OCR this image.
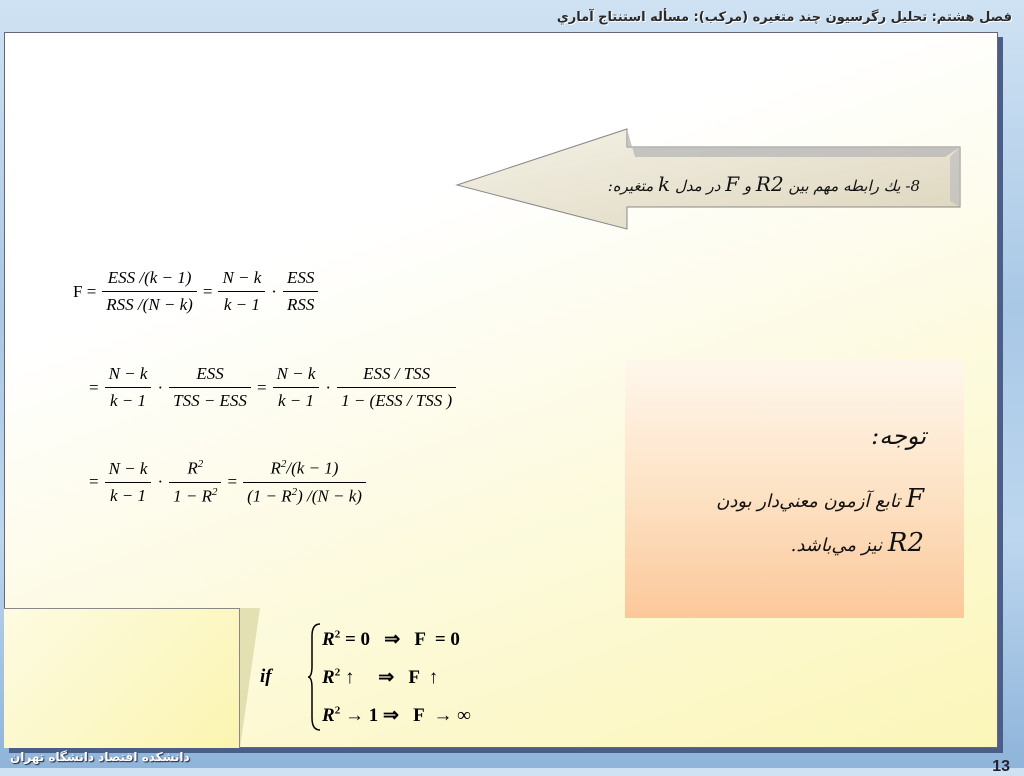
فصل هشتم: تحليل رگرسيون چند متغيره (مركب): مسأله استنتاج آماري
8- يك رابطه مهم بين R2 و F در مدل k متغيره:
توجه:
F تابع آزمون معني‌دار بودن
R2 نيز مي‌باشد.
$F = \frac{\text{ESS /(k − 1)}}{\text{RSS /(N − k)}} = \frac{N - k}{k - 1} \cdot \frac{\text{ESS}}{\text{RSS}}$
= $\frac{N - k}{k - 1} \cdot \frac{\text{ESS}}{\text{TSS − ESS}} = \frac{N - k}{k - 1} \cdot \frac{\text{ESS / TSS}}{\text{1 − (ESS / TSS )}}$
= $\frac{N - k}{k - 1} \cdot \frac{R^2}{1 - R^2} = \frac{R^2/(k - 1)}{(1 - R^2) /(N - k)}$
if
$R^2 = 0$   ⇒   F  = 0
$R^2$ ↑     ⇒   F  ↑
$R^2 \to 1$ ⇒   F  → ∞
دانشكده اقتصاد دانشگاه تهران
13
